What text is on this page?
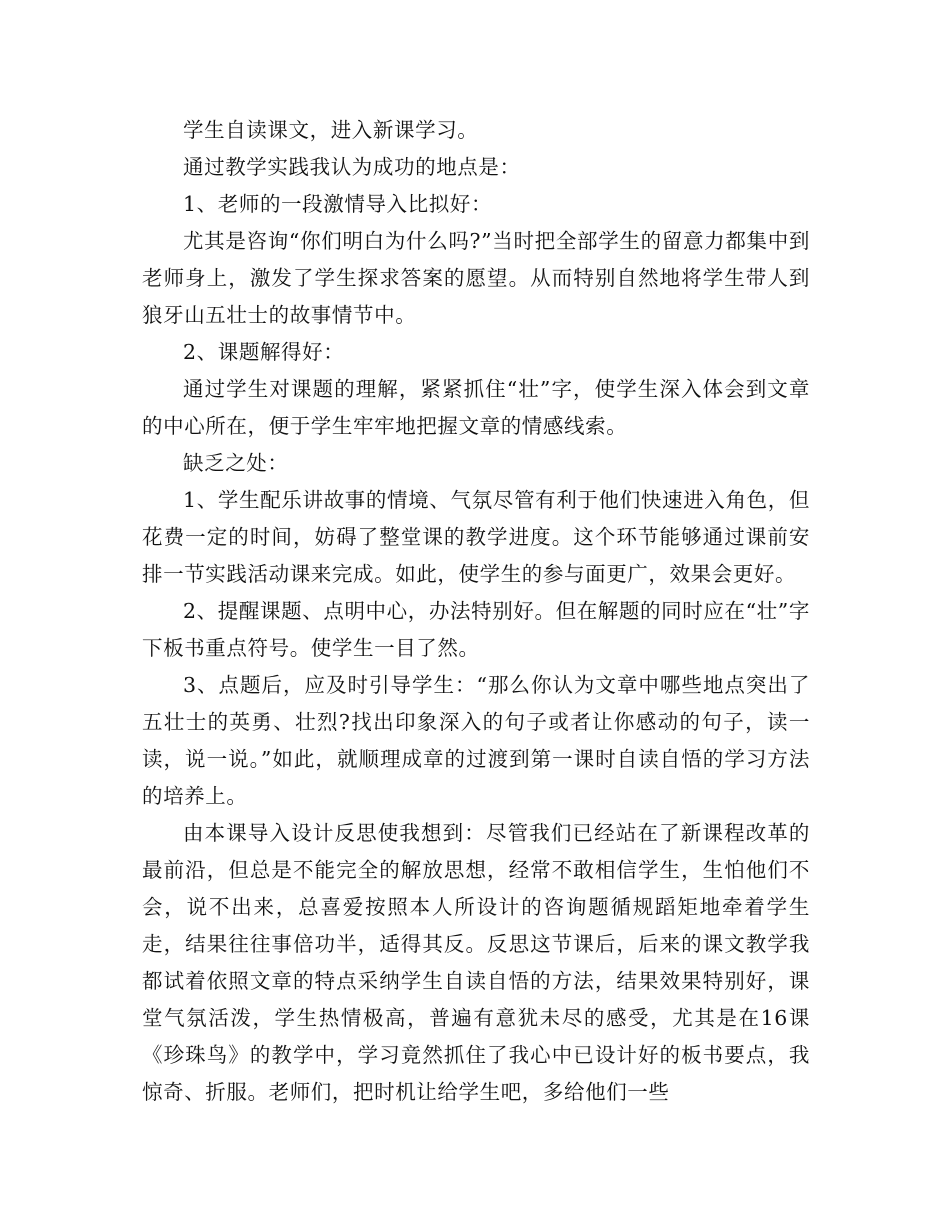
学生自读课文，进入新课学习。

通过教学实践我认为成功的地点是：

1、老师的一段激情导入比拟好：

尤其是咨询“你们明白为什么吗?”当时把全部学生的留意力都集中到老师身上，激发了学生探求答案的愿望。从而特别自然地将学生带人到狼牙山五壮士的故事情节中。

2、课题解得好：

通过学生对课题的理解，紧紧抓住“壮”字，使学生深入体会到文章的中心所在，便于学生牢牢地把握文章的情感线索。

缺乏之处：

1、学生配乐讲故事的情境、气氛尽管有利于他们快速进入角色，但花费一定的时间，妨碍了整堂课的教学进度。这个环节能够通过课前安排一节实践活动课来完成。如此，使学生的参与面更广，效果会更好。

2、提醒课题、点明中心，办法特别好。但在解题的同时应在“壮”字下板书重点符号。使学生一目了然。

3、点题后，应及时引导学生：“那么你认为文章中哪些地点突出了五壮士的英勇、壮烈?找出印象深入的句子或者让你感动的句子，读一读，说一说。”如此，就顺理成章的过渡到第一课时自读自悟的学习方法的培养上。

由本课导入设计反思使我想到：尽管我们已经站在了新课程改革的最前沿，但总是不能完全的解放思想，经常不敢相信学生，生怕他们不会，说不出来，总喜爱按照本人所设计的咨询题循规蹈矩地牵着学生走，结果往往事倍功半，适得其反。反思这节课后，后来的课文教学我都试着依照文章的特点采纳学生自读自悟的方法，结果效果特别好，课堂气氛活泼，学生热情极高，普遍有意犹未尽的感受，尤其是在16课《珍珠鸟》的教学中，学习竟然抓住了我心中已设计好的板书要点，我惊奇、折服。老师们，把时机让给学生吧，多给他们一些
